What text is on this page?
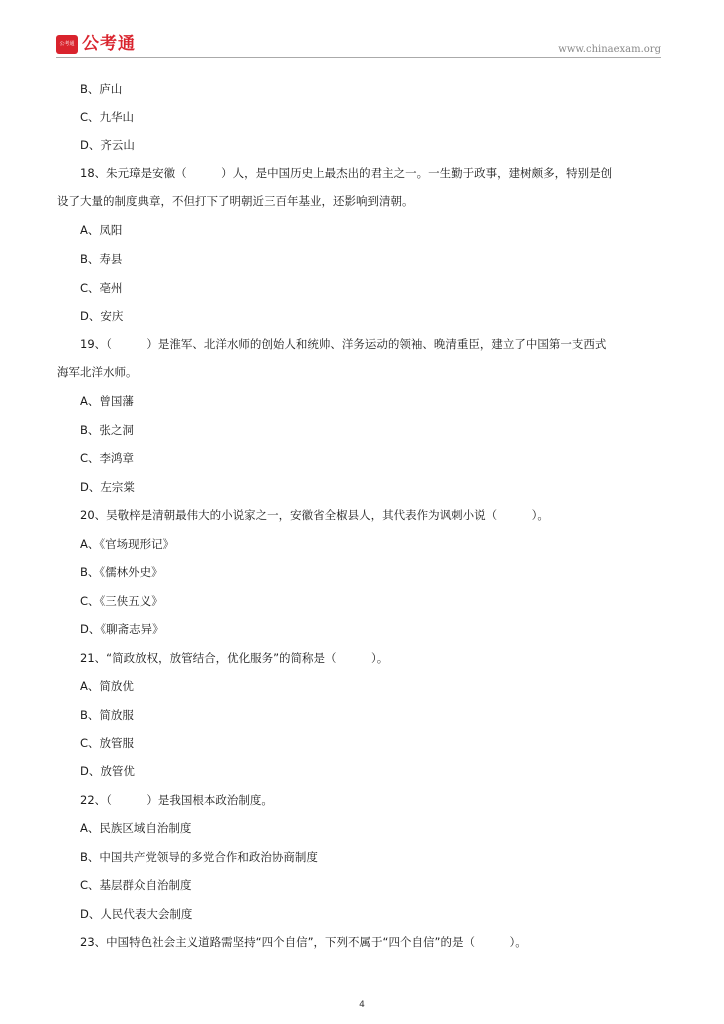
公考通 公考通	www.chinaexam.org
B、庐山
C、九华山
D、齐云山
18、朱元璋是安徽（　　　）人，是中国历史上最杰出的君主之一。一生勤于政事，建树颇多，特别是创
设了大量的制度典章，不但打下了明朝近三百年基业，还影响到清朝。
A、凤阳
B、寿县
C、亳州
D、安庆
19、（　　　）是淮军、北洋水师的创始人和统帅、洋务运动的领袖、晚清重臣，建立了中国第一支西式
海军北洋水师。
A、曾国藩
B、张之洞
C、李鸿章
D、左宗棠
20、吴敬梓是清朝最伟大的小说家之一，安徽省全椒县人，其代表作为讽刺小说（　　　）。
A、《官场现形记》
B、《儒林外史》
C、《三侠五义》
D、《聊斋志异》
21、“简政放权，放管结合，优化服务”的简称是（　　　）。
A、简放优
B、简放服
C、放管服
D、放管优
22、（　　　）是我国根本政治制度。
A、民族区域自治制度
B、中国共产党领导的多党合作和政治协商制度
C、基层群众自治制度
D、人民代表大会制度
23、中国特色社会主义道路需坚持“四个自信”，下列不属于“四个自信”的是（　　　）。
4
